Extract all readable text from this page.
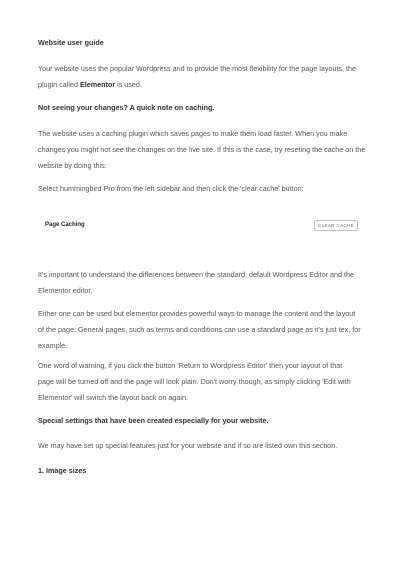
Website user guide
Your website uses the popular Wordpress and to provide the most flexibility for the page layouts, the
plugin called Elementor is used.
Not seeing your changes? A quick note on caching.
The website uses a caching plugin which saves pages to make them load faster. When you make
changes you might not see the changes on the live site. If this is the case, try reseting the cache on the
website by doing this:
Select hummingbird Pro from the left sidebar and then click the 'clear cache' button:
It's important to understand the differences between the standard, default Wordpress Editor and the
Elementor editor.
Either one can be used but elementor provides powerful ways to manage the content and the layout
of the page. General pages, such as terms and conditions can use a standard page as it's just tex, for
example.
One word of warning, if you click the button 'Return to Wordpress Editor' then your layout of that
page will be turned off and the page will look plain. Don't worry though, as simply clicking 'Edit with
Elementor' will switch the layout back on again.
Special settings that have been created especially for your website.
We may have set up special features just for your website and if so are listed own this section.
1. Image sizes
Page Caching	CLEAR CACHE
